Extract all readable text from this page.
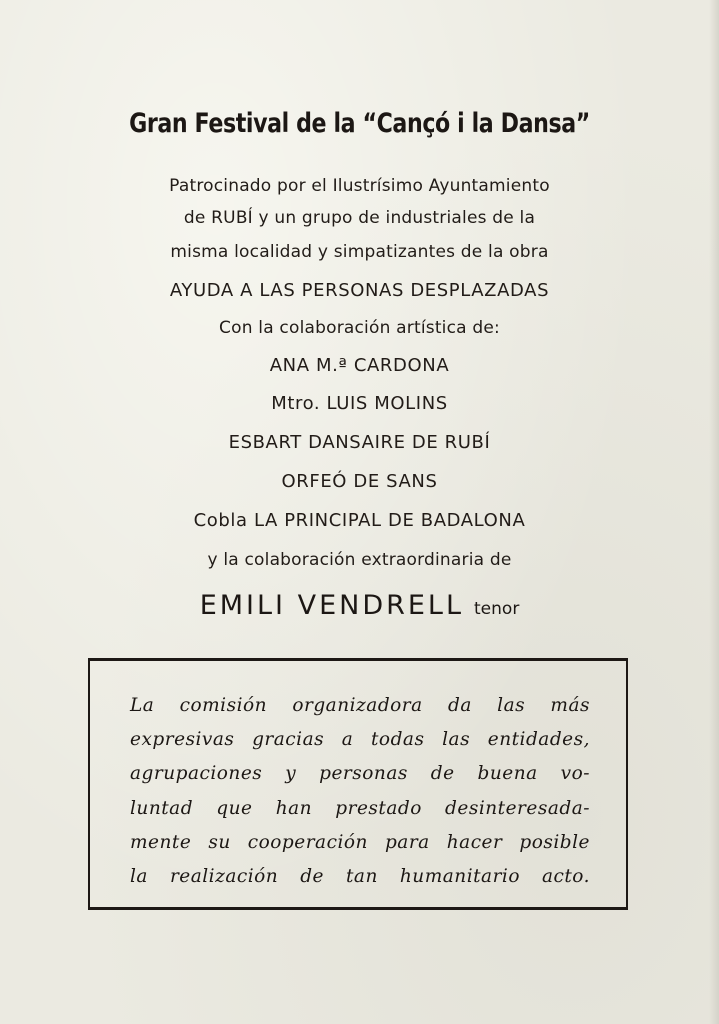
Gran Festival de la “Cançó i la Dansa”
Patrocinado por el Ilustrísimo Ayuntamiento
de RUBÍ y un grupo de industriales de la
misma localidad y simpatizantes de la obra
AYUDA A LAS PERSONAS DESPLAZADAS
Con la colaboración artística de:
ANA M.ª CARDONA
Mtro. LUIS MOLINS
ESBART DANSAIRE DE RUBÍ
ORFEÓ DE SANS
Cobla LA PRINCIPAL DE BADALONA
y la colaboración extraordinaria de
EMILI VENDRELL tenor
La comisión organizadora da las más
expresivas gracias a todas las entidades,
agrupaciones y personas de buena vo-
luntad que han prestado desinteresada-
mente su cooperación para hacer posible
la realización de tan humanitario acto.
